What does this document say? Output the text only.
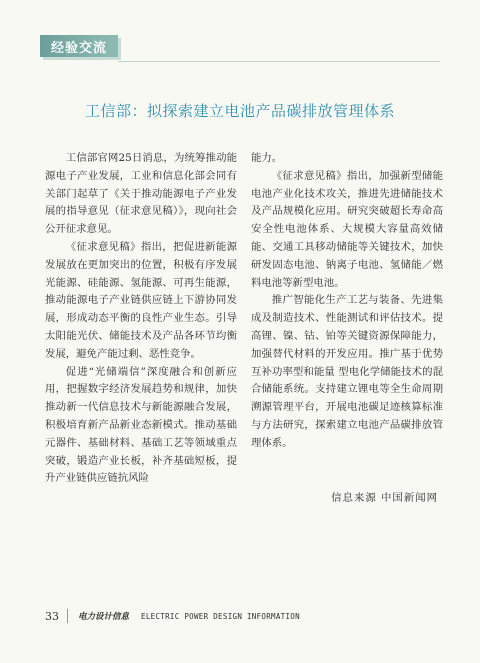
经验交流
工信部：拟探索建立电池产品碳排放管理体系

工信部官网25日消息，为统筹推动能源电子产业发展，工业和信息化部会同有关部门起草了《关于推动能源电子产业发展的指导意见（征求意见稿）》，现向社会公开征求意见。

《征求意见稿》指出，把促进新能源发展放在更加突出的位置，积极有序发展光能源、硅能源、氢能源、可再生能源，推动能源电子产业链供应链上下游协同发展，形成动态平衡的良性产业生态。引导太阳能光伏、储能技术及产品各环节均衡发展，避免产能过剩、恶性竞争。

促进“光储端信”深度融合和创新应用，把握数字经济发展趋势和规律，加快推动新一代信息技术与新能源融合发展，积极培育新产品新业态新模式。推动基础元器件、基础材料、基础工艺等领域重点突破，锻造产业长板，补齐基础短板，提升产业链供应链抗风险

能力。

《征求意见稿》指出，加强新型储能电池产业化技术攻关，推进先进储能技术及产品规模化应用。研究突破超长寿命高安全性电池体系、大规模大容量高效储能、交通工具移动储能等关键技术，加快研发固态电池、钠离子电池、氢储能／燃料电池等新型电池。

推广智能化生产工艺与装备、先进集成及制造技术、性能测试和评估技术。提高锂、镍、钴、铂等关键资源保障能力，加强替代材料的开发应用。推广基于优势互补功率型和能量 型电化学储能技术的混合储能系统。支持建立锂电等全生命周期溯源管理平台，开展电池碳足迹核算标准与方法研究，探索建立电池产品碳排放管理体系。

信息来源 中国新闻网
33 电力设计信息 ELECTRIC POWER DESIGN INFORMATION
